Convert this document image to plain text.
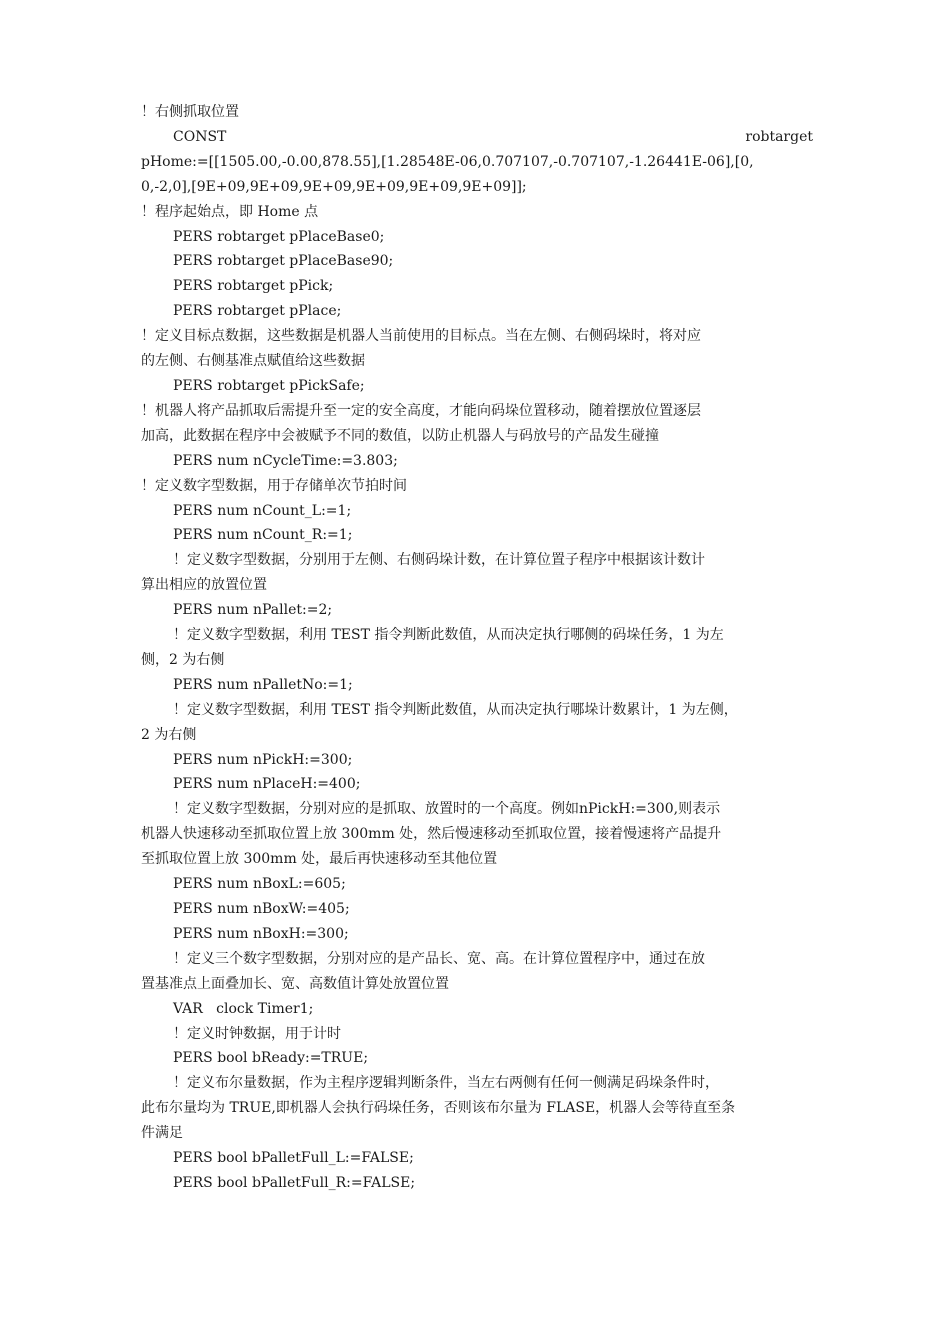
！右侧抓取位置
CONST	robtarget
pHome:=[[1505.00,-0.00,878.55],[1.28548E-06,0.707107,-0.707107,-1.26441E-06],[0,
0,-2,0],[9E+09,9E+09,9E+09,9E+09,9E+09,9E+09]];
！程序起始点，即 Home 点
PERS robtarget pPlaceBase0;
PERS robtarget pPlaceBase90;
PERS robtarget pPick;
PERS robtarget pPlace;
！定义目标点数据，这些数据是机器人当前使用的目标点。当在左侧、右侧码垛时，将对应
的左侧、右侧基准点赋值给这些数据
PERS robtarget pPickSafe;
！机器人将产品抓取后需提升至一定的安全高度，才能向码垛位置移动，随着摆放位置逐层
加高，此数据在程序中会被赋予不同的数值，以防止机器人与码放号的产品发生碰撞
PERS num nCycleTime:=3.803;
！定义数字型数据，用于存储单次节拍时间
PERS num nCount_L:=1;
PERS num nCount_R:=1;
！定义数字型数据，分别用于左侧、右侧码垛计数，在计算位置子程序中根据该计数计
算出相应的放置位置
PERS num nPallet:=2;
！定义数字型数据，利用 TEST 指令判断此数值，从而决定执行哪侧的码垛任务，1 为左
侧，2 为右侧
PERS num nPalletNo:=1;
！定义数字型数据，利用 TEST 指令判断此数值，从而决定执行哪垛计数累计，1 为左侧，
2 为右侧
PERS num nPickH:=300;
PERS num nPlaceH:=400;
！定义数字型数据，分别对应的是抓取、放置时的一个高度。例如nPickH:=300,则表示
机器人快速移动至抓取位置上放 300mm 处，然后慢速移动至抓取位置，接着慢速将产品提升
至抓取位置上放 300mm 处，最后再快速移动至其他位置
PERS num nBoxL:=605;
PERS num nBoxW:=405;
PERS num nBoxH:=300;
！定义三个数字型数据，分别对应的是产品长、宽、高。在计算位置程序中，通过在放
置基准点上面叠加长、宽、高数值计算处放置位置
VAR   clock Timer1;
！定义时钟数据，用于计时
PERS bool bReady:=TRUE;
！定义布尔量数据，作为主程序逻辑判断条件，当左右两侧有任何一侧满足码垛条件时，
此布尔量均为 TRUE,即机器人会执行码垛任务，否则该布尔量为 FLASE，机器人会等待直至条
件满足
PERS bool bPalletFull_L:=FALSE;
PERS bool bPalletFull_R:=FALSE;
